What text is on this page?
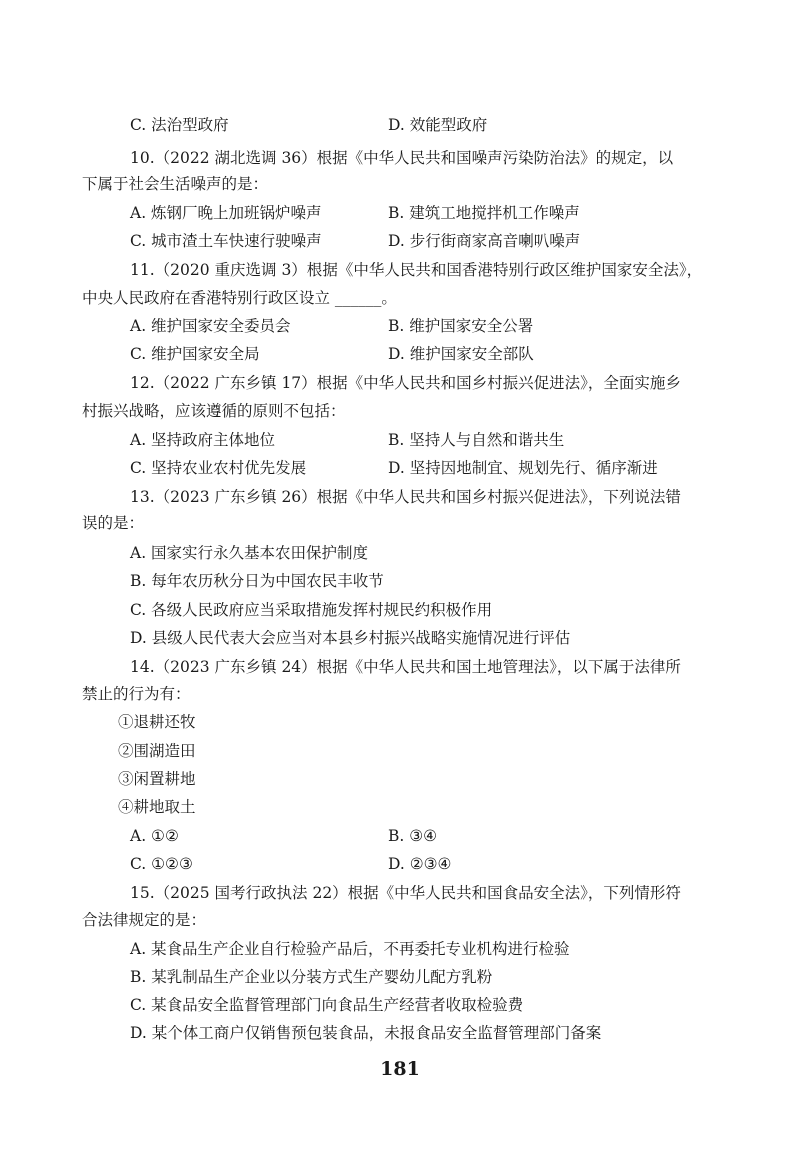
C. 法治型政府	D. 效能型政府
10.（2022 湖北选调 36）根据《中华人民共和国噪声污染防治法》的规定，以
下属于社会生活噪声的是：
A. 炼钢厂晚上加班锅炉噪声	B. 建筑工地搅拌机工作噪声
C. 城市渣土车快速行驶噪声	D. 步行街商家高音喇叭噪声
11.（2020 重庆选调 3）根据《中华人民共和国香港特别行政区维护国家安全法》，
中央人民政府在香港特别行政区设立 ______。
A. 维护国家安全委员会	B. 维护国家安全公署
C. 维护国家安全局	D. 维护国家安全部队
12.（2022 广东乡镇 17）根据《中华人民共和国乡村振兴促进法》，全面实施乡
村振兴战略，应该遵循的原则不包括：
A. 坚持政府主体地位	B. 坚持人与自然和谐共生
C. 坚持农业农村优先发展	D. 坚持因地制宜、规划先行、循序渐进
13.（2023 广东乡镇 26）根据《中华人民共和国乡村振兴促进法》，下列说法错
误的是：
A. 国家实行永久基本农田保护制度
B. 每年农历秋分日为中国农民丰收节
C. 各级人民政府应当采取措施发挥村规民约积极作用
D. 县级人民代表大会应当对本县乡村振兴战略实施情况进行评估
14.（2023 广东乡镇 24）根据《中华人民共和国土地管理法》，以下属于法律所
禁止的行为有：
①退耕还牧
②围湖造田
③闲置耕地
④耕地取土
A. ①②	B. ③④
C. ①②③	D. ②③④
15.（2025 国考行政执法 22）根据《中华人民共和国食品安全法》，下列情形符
合法律规定的是：
A. 某食品生产企业自行检验产品后，不再委托专业机构进行检验
B. 某乳制品生产企业以分装方式生产婴幼儿配方乳粉
C. 某食品安全监督管理部门向食品生产经营者收取检验费
D. 某个体工商户仅销售预包装食品，未报食品安全监督管理部门备案
181
